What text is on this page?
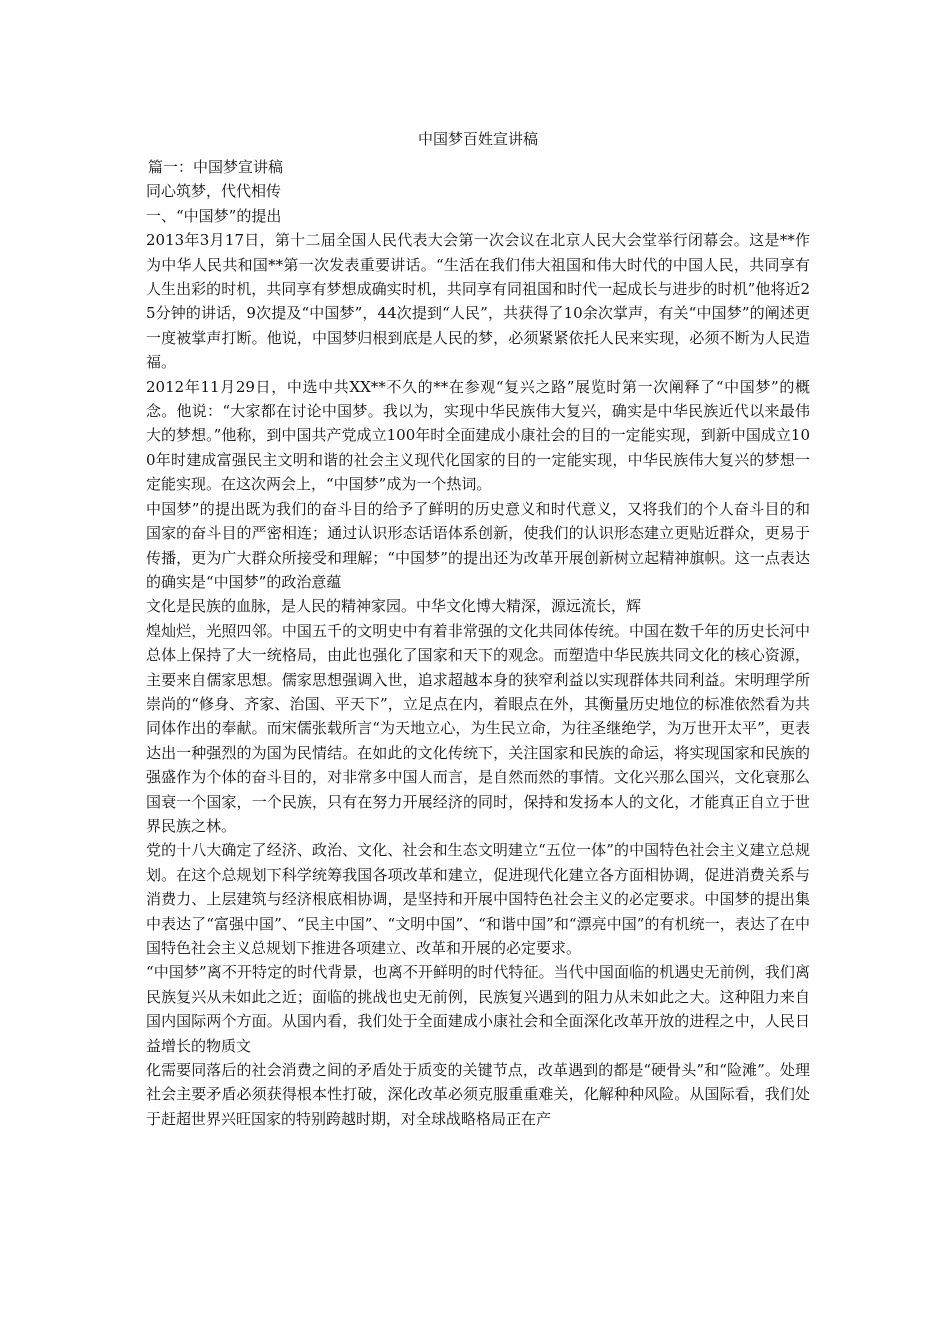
中国梦百姓宣讲稿

篇一：中国梦宣讲稿

同心筑梦，代代相传

一、“中国梦”的提出

2013年3月17日，第十二届全国人民代表大会第一次会议在北京人民大会堂举行闭幕会。这是**作为中华人民共和国**第一次发表重要讲话。“生活在我们伟大祖国和伟大时代的中国人民，共同享有人生出彩的时机，共同享有梦想成确实时机，共同享有同祖国和时代一起成长与进步的时机”他将近25分钟的讲话，9次提及“中国梦”，44次提到“人民”，共获得了10余次掌声，有关“中国梦”的阐述更一度被掌声打断。他说，中国梦归根到底是人民的梦，必须紧紧依托人民来实现，必须不断为人民造福。

2012年11月29日，中选中共XX**不久的**在参观“复兴之路”展览时第一次阐释了“中国梦”的概念。他说：“大家都在讨论中国梦。我以为，实现中华民族伟大复兴，确实是中华民族近代以来最伟大的梦想。”他称，到中国共产党成立100年时全面建成小康社会的目的一定能实现，到新中国成立100年时建成富强民主文明和谐的社会主义现代化国家的目的一定能实现，中华民族伟大复兴的梦想一定能实现。在这次两会上，“中国梦”成为一个热词。

中国梦”的提出既为我们的奋斗目的给予了鲜明的历史意义和时代意义，又将我们的个人奋斗目的和国家的奋斗目的严密相连；通过认识形态话语体系创新，使我们的认识形态建立更贴近群众，更易于传播，更为广大群众所接受和理解；“中国梦”的提出还为改革开展创新树立起精神旗帜。这一点表达的确实是“中国梦”的政治意蕴

文化是民族的血脉，是人民的精神家园。中华文化博大精深，源远流长，辉

煌灿烂，光照四邻。中国五千的文明史中有着非常强的文化共同体传统。中国在数千年的历史长河中总体上保持了大一统格局，由此也强化了国家和天下的观念。而塑造中华民族共同文化的核心资源，主要来自儒家思想。儒家思想强调入世，追求超越本身的狭窄利益以实现群体共同利益。宋明理学所崇尚的“修身、齐家、治国、平天下”，立足点在内，着眼点在外，其衡量历史地位的标准依然看为共同体作出的奉献。而宋儒张载所言“为天地立心，为生民立命，为往圣继绝学，为万世开太平”，更表达出一种强烈的为国为民情结。在如此的文化传统下，关注国家和民族的命运，将实现国家和民族的强盛作为个体的奋斗目的，对非常多中国人而言，是自然而然的事情。文化兴那么国兴，文化衰那么国衰一个国家，一个民族，只有在努力开展经济的同时，保持和发扬本人的文化，才能真正自立于世界民族之林。

党的十八大确定了经济、政治、文化、社会和生态文明建立“五位一体”的中国特色社会主义建立总规划。在这个总规划下科学统筹我国各项改革和建立，促进现代化建立各方面相协调，促进消费关系与消费力、上层建筑与经济根底相协调，是坚持和开展中国特色社会主义的必定要求。中国梦的提出集中表达了“富强中国”、“民主中国”、“文明中国”、“和谐中国”和“漂亮中国”的有机统一，表达了在中国特色社会主义总规划下推进各项建立、改革和开展的必定要求。

“中国梦”离不开特定的时代背景，也离不开鲜明的时代特征。当代中国面临的机遇史无前例，我们离民族复兴从未如此之近；面临的挑战也史无前例，民族复兴遇到的阻力从未如此之大。这种阻力来自国内国际两个方面。从国内看，我们处于全面建成小康社会和全面深化改革开放的进程之中，人民日益增长的物质文

化需要同落后的社会消费之间的矛盾处于质变的关键节点，改革遇到的都是“硬骨头”和“险滩”。处理社会主要矛盾必须获得根本性打破，深化改革必须克服重重难关，化解种种风险。从国际看，我们处于赶超世界兴旺国家的特别跨越时期，对全球战略格局正在产
